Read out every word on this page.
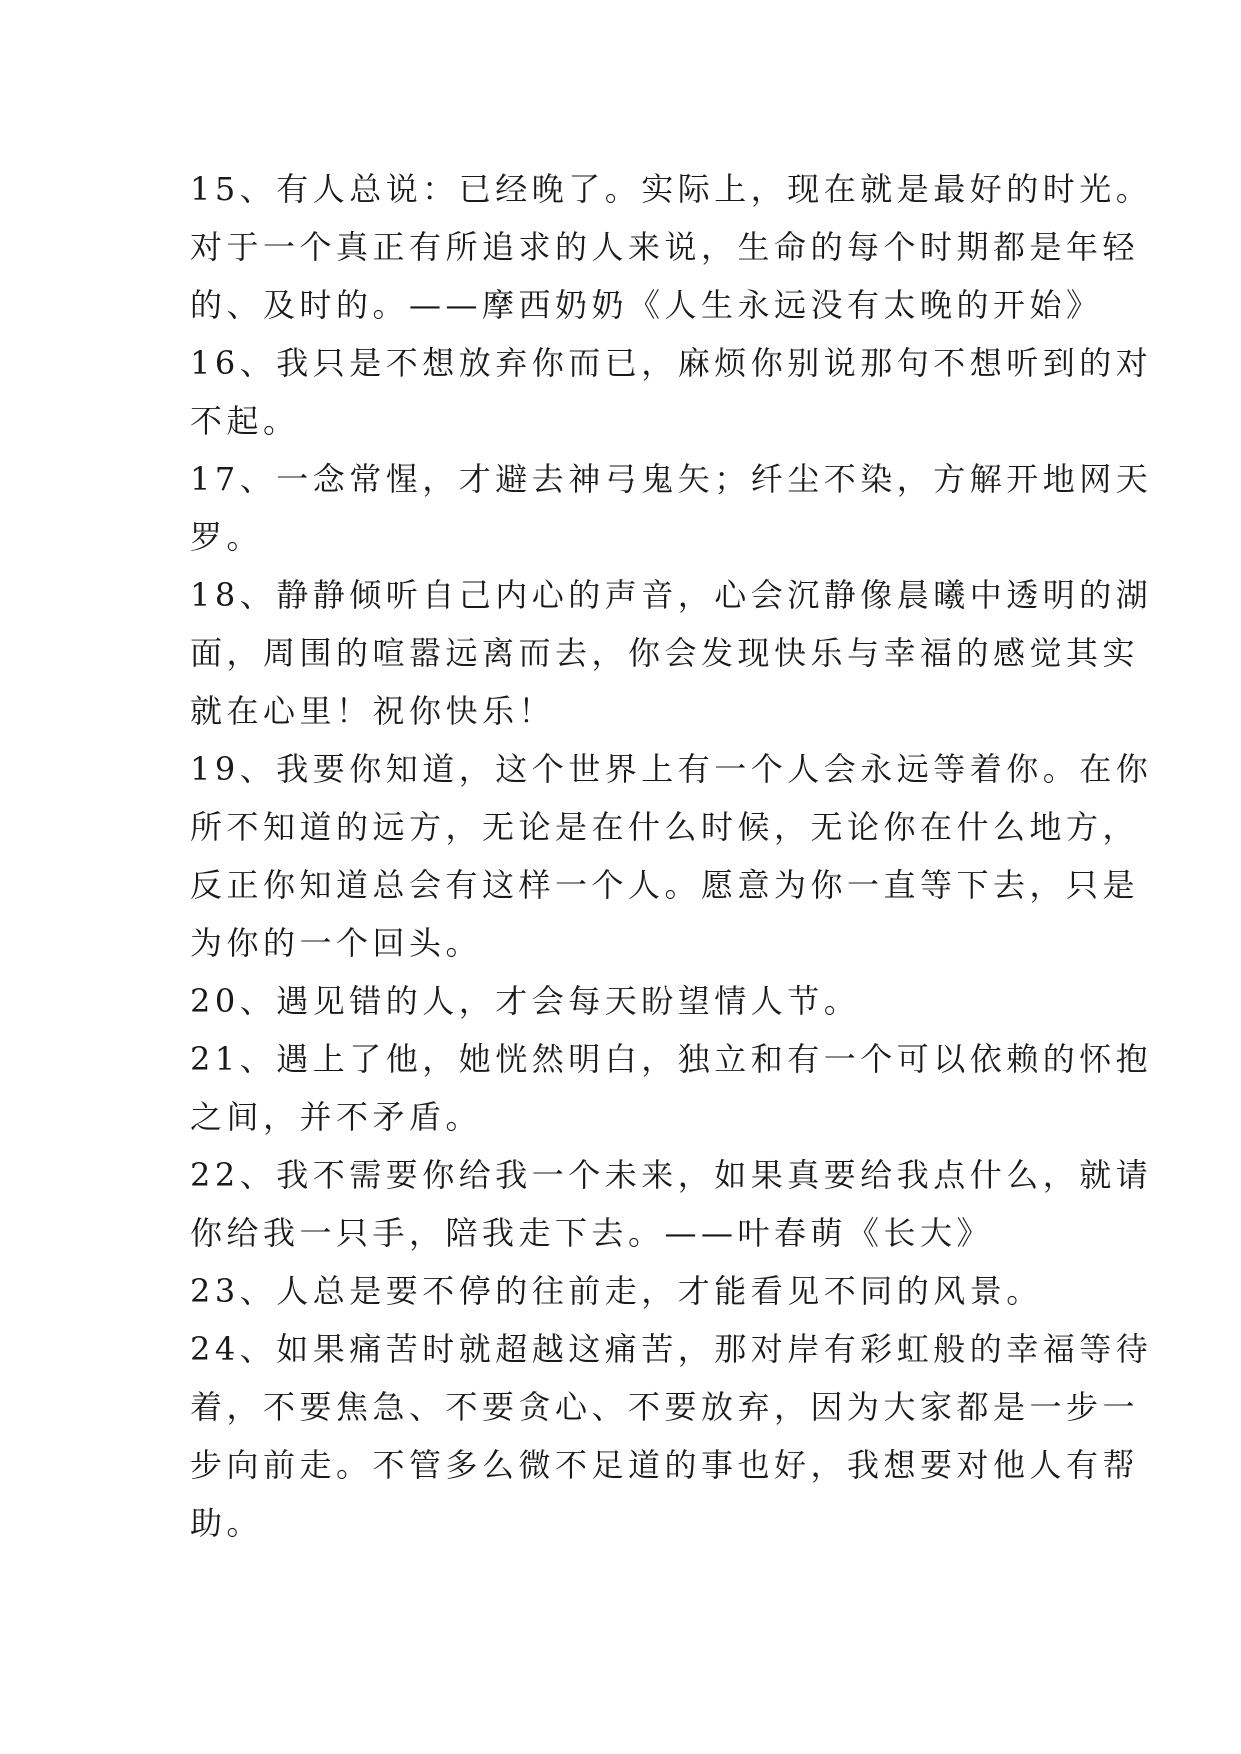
15、有人总说：已经晚了。实际上，现在就是最好的时光。
对于一个真正有所追求的人来说，生命的每个时期都是年轻
的、及时的。——摩西奶奶《人生永远没有太晚的开始》

16、我只是不想放弃你而已，麻烦你别说那句不想听到的对
不起。

17、一念常惺，才避去神弓鬼矢；纤尘不染，方解开地网天
罗。

18、静静倾听自己内心的声音，心会沉静像晨曦中透明的湖
面，周围的喧嚣远离而去，你会发现快乐与幸福的感觉其实
就在心里！祝你快乐！

19、我要你知道，这个世界上有一个人会永远等着你。在你
所不知道的远方，无论是在什么时候，无论你在什么地方，
反正你知道总会有这样一个人。愿意为你一直等下去，只是
为你的一个回头。

20、遇见错的人，才会每天盼望情人节。

21、遇上了他，她恍然明白，独立和有一个可以依赖的怀抱
之间，并不矛盾。

22、我不需要你给我一个未来，如果真要给我点什么，就请
你给我一只手，陪我走下去。——叶春萌《长大》

23、人总是要不停的往前走，才能看见不同的风景。

24、如果痛苦时就超越这痛苦，那对岸有彩虹般的幸福等待
着，不要焦急、不要贪心、不要放弃，因为大家都是一步一
步向前走。不管多么微不足道的事也好，我想要对他人有帮
助。
